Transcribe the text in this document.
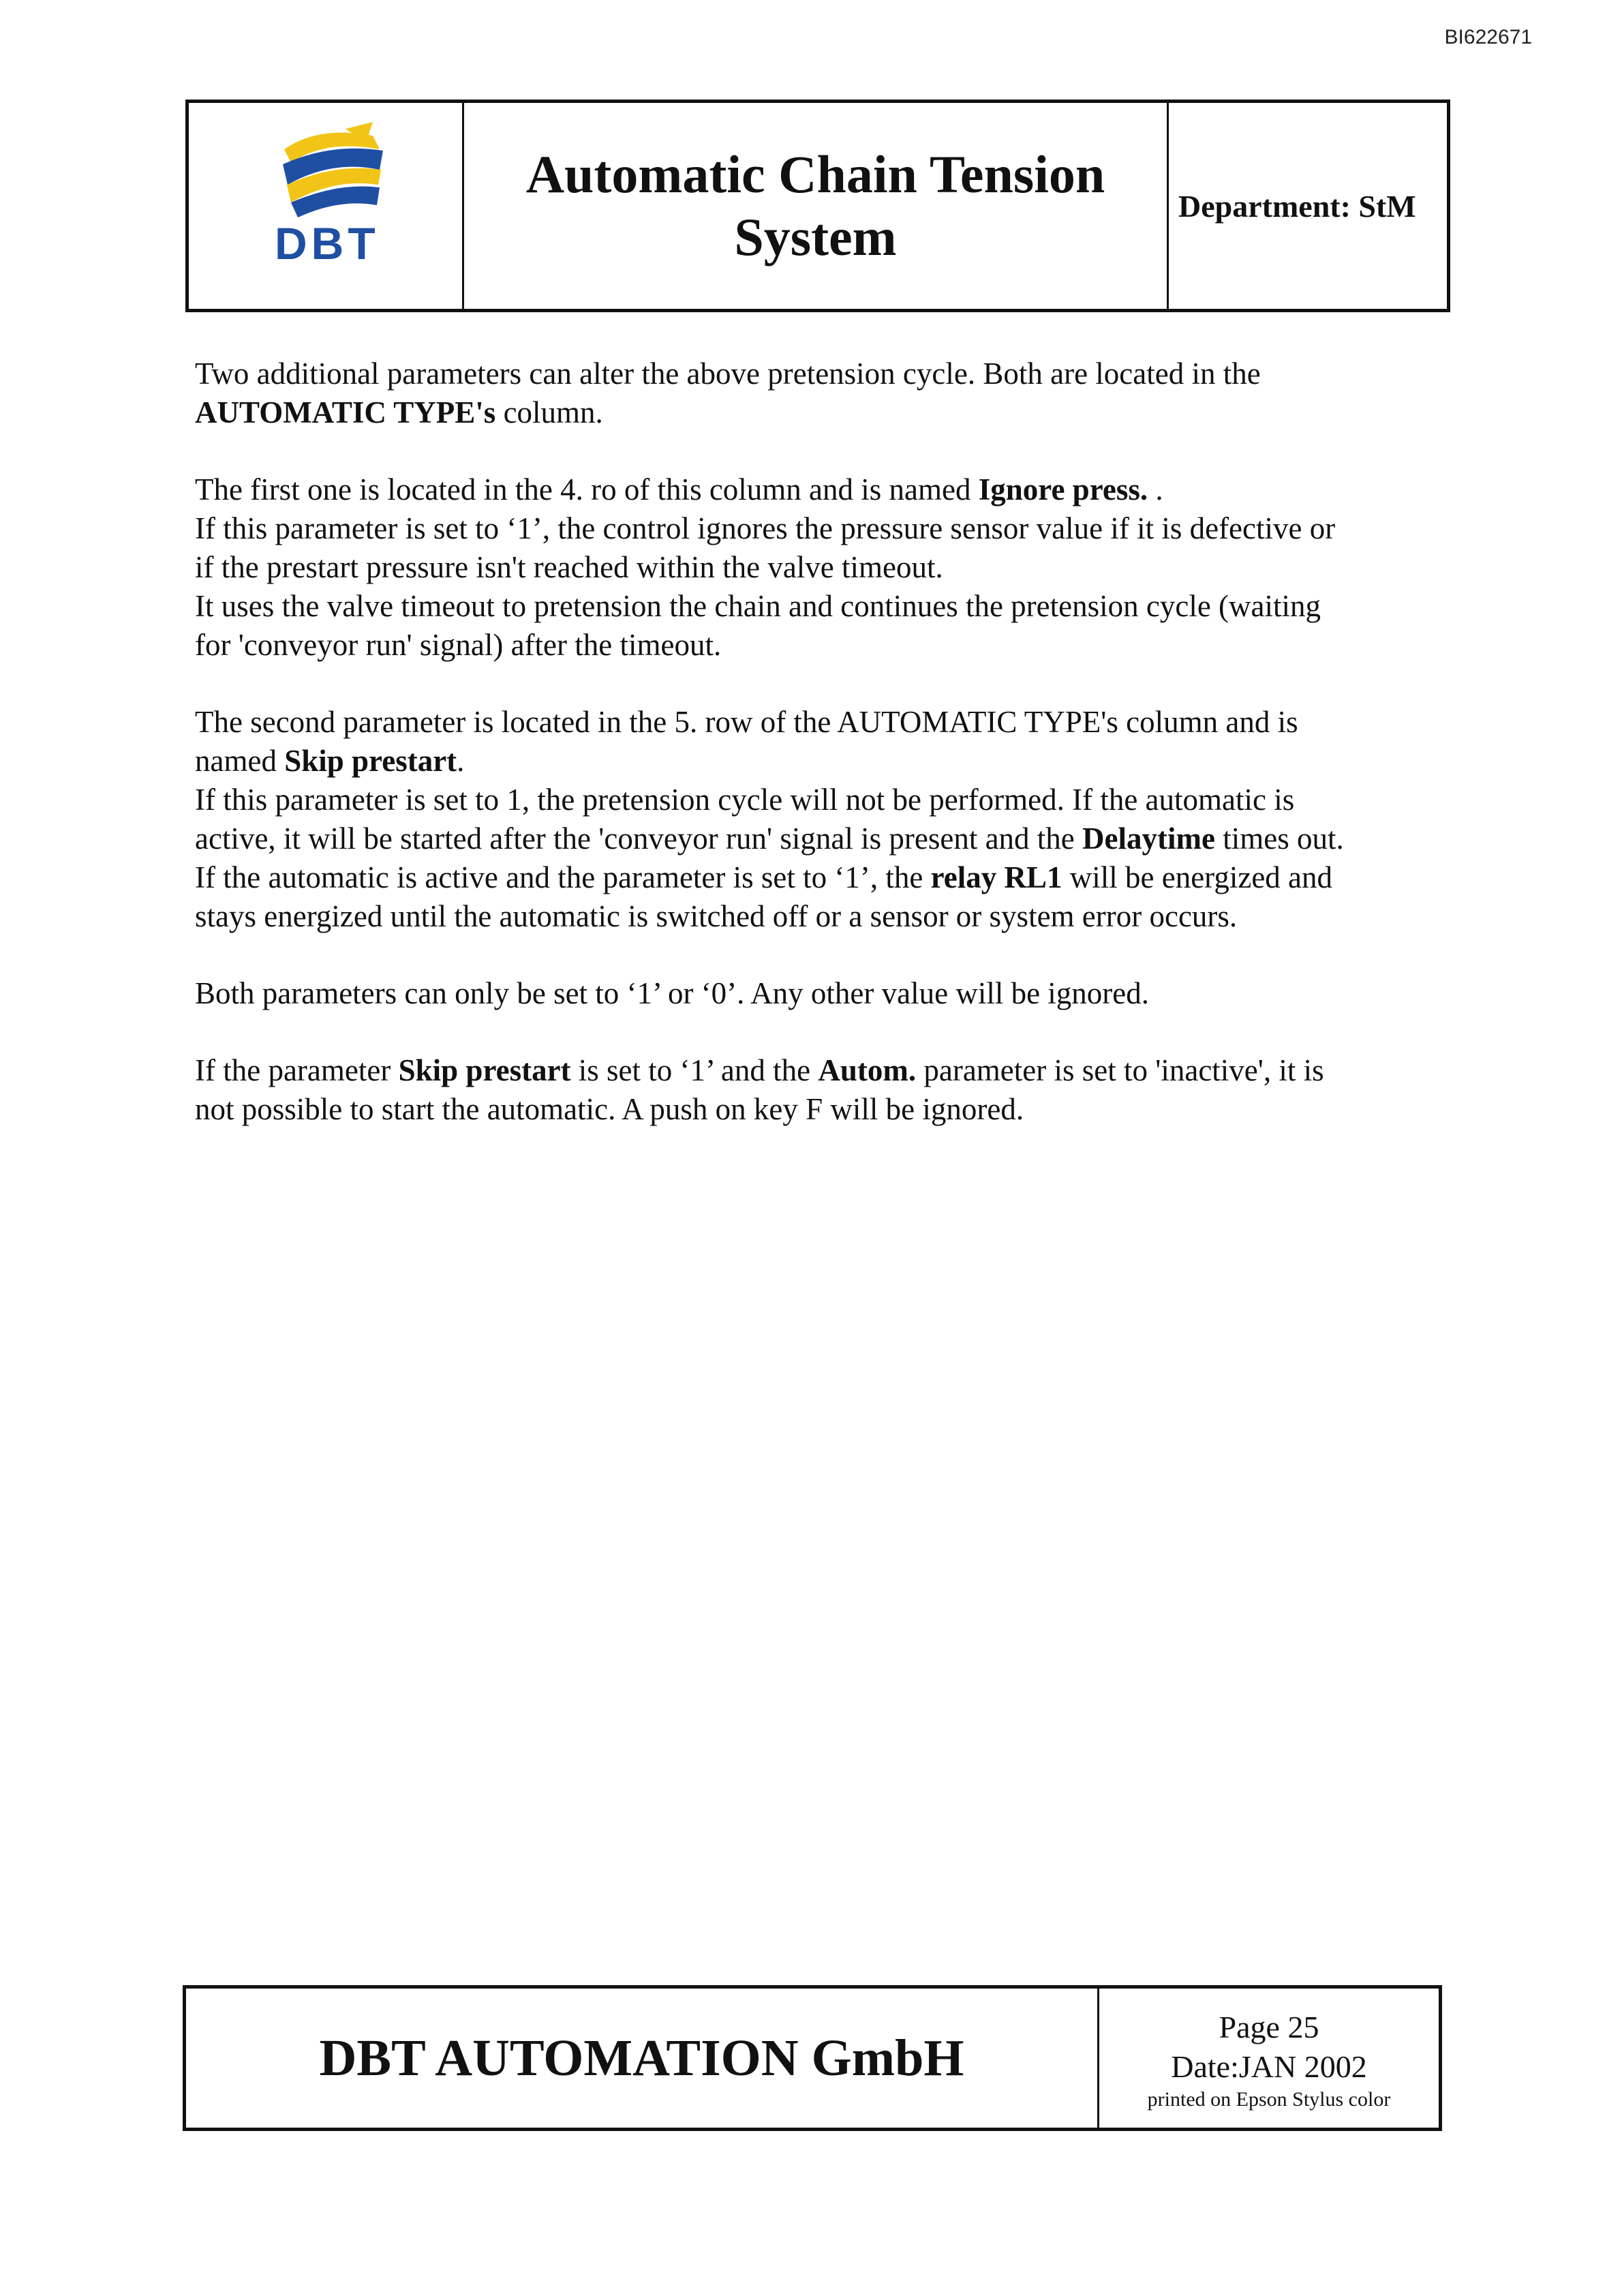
BI622671
DBT
Automatic Chain Tension System
Department: StM

Two additional parameters can alter the above pretension cycle. Both are located in the
AUTOMATIC TYPE's column.

The first one is located in the 4. ro of this column and is named Ignore press. .
If this parameter is set to ‘1’, the control ignores the pressure sensor value if it is defective or
if the prestart pressure isn't reached within the valve timeout.
It uses the valve timeout to pretension the chain and continues the pretension cycle (waiting
for 'conveyor run' signal) after the timeout.

The second parameter is located in the 5. row of the AUTOMATIC TYPE's column and is
named Skip prestart.
If this parameter is set to 1, the pretension cycle will not be performed. If the automatic is
active, it will be started after the 'conveyor run' signal is present and the Delaytime times out.
If the automatic is active and the parameter is set to ‘1’, the relay RL1 will be energized and
stays energized until the automatic is switched off or a sensor or system error occurs.

Both parameters can only be set to ‘1’ or ‘0’. Any other value will be ignored.

If the parameter Skip prestart is set to ‘1’ and the Autom. parameter is set to 'inactive', it is
not possible to start the automatic. A push on key F will be ignored.

DBT AUTOMATION GmbH
Page 25
Date:JAN 2002
printed on Epson Stylus color
